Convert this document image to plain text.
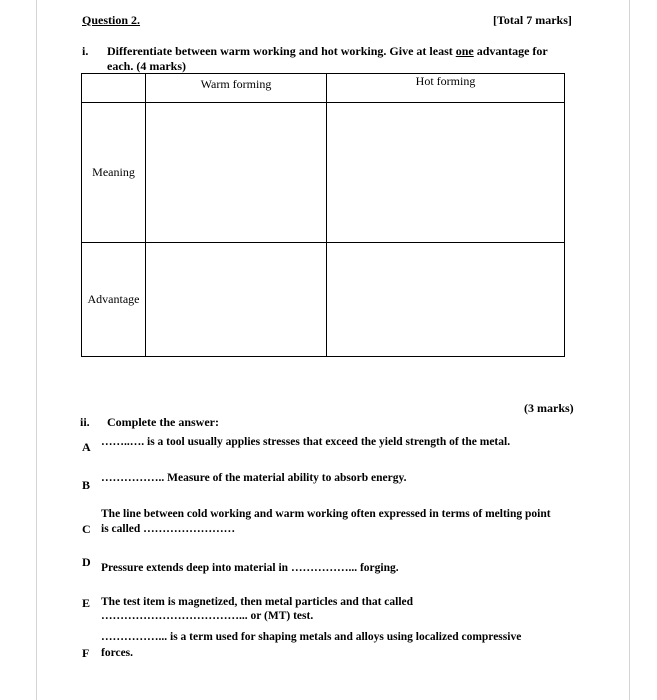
Question 2.	[Total 7 marks]
i. Differentiate between warm working and hot working. Give at least one advantage for
each. (4 marks)
	Warm forming	Hot forming
Meaning		
Advantage		
(3 marks)
ii. Complete the answer:
A ……..…. is a tool usually applies stresses that exceed the yield strength of the metal.
B …………….. Measure of the material ability to absorb energy.
The line between cold working and warm working often expressed in terms of melting point
C is called ……………………
D Pressure extends deep into material in ……………... forging.
E The test item is magnetized, then metal particles and that called
………………………………... or (MT) test.
……………... is a term used for shaping metals and alloys using localized compressive
F forces.
